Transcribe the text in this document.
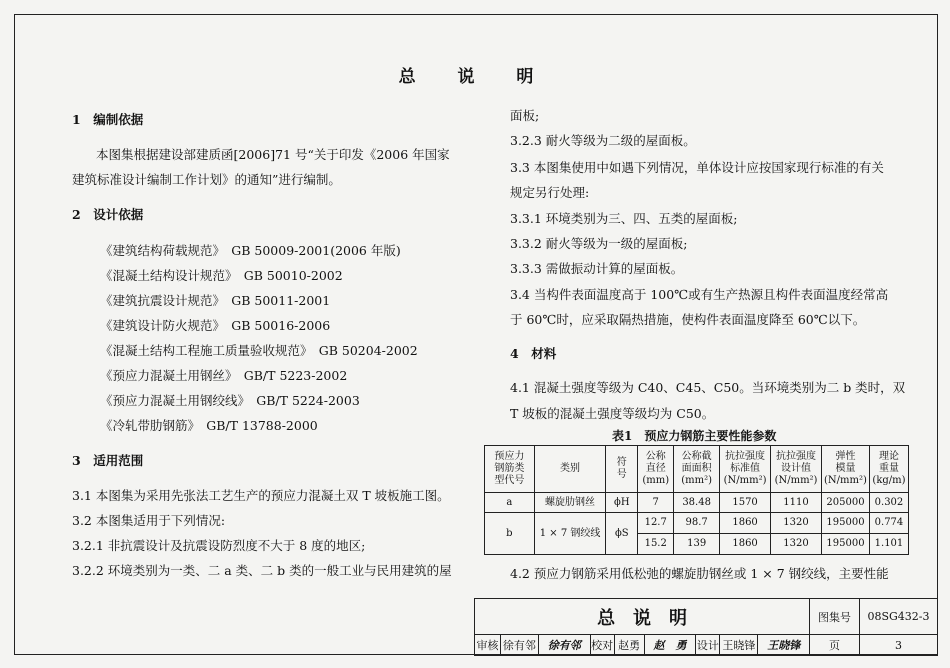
总 说 明
1　编制依据
本图集根据建设部建质函[2006]71 号“关于印发《2006 年国家
建筑标准设计编制工作计划》的通知”进行编制。
2　设计依据
《建筑结构荷载规范》　GB 50009-2001(2006 年版)
《混凝土结构设计规范》　GB 50010-2002
《建筑抗震设计规范》　GB 50011-2001
《建筑设计防火规范》　GB 50016-2006
《混凝土结构工程施工质量验收规范》　GB 50204-2002
《预应力混凝土用钢丝》　GB/T 5223-2002
《预应力混凝土用钢绞线》　GB/T 5224-2003
《冷轧带肋钢筋》　GB/T 13788-2000
3　适用范围
3.1 本图集为采用先张法工艺生产的预应力混凝土双 T 坡板施工图。
3.2 本图集适用于下列情况:
3.2.1 非抗震设计及抗震设防烈度不大于 8 度的地区;
3.2.2 环境类别为一类、二 a 类、二 b 类的一般工业与民用建筑的屋
面板;
3.2.3 耐火等级为二级的屋面板。
3.3 本图集使用中如遇下列情况，单体设计应按国家现行标准的有关
规定另行处理:
3.3.1 环境类别为三、四、五类的屋面板;
3.3.2 耐火等级为一级的屋面板;
3.3.3 需做振动计算的屋面板。
3.4 当构件表面温度高于 100℃或有生产热源且构件表面温度经常高
于 60℃时，应采取隔热措施，使构件表面温度降至 60℃以下。
4　材料
4.1 混凝土强度等级为 C40、C45、C50。当环境类别为二 b 类时，双
T 坡板的混凝土强度等级均为 C50。
表1　预应力钢筋主要性能参数
预应力
钢筋类
型代号	类别	符
号	公称
直径
(mm)	公称截
面面积
(mm²)	抗拉强度
标准值
(N/mm²)	抗拉强度
设计值
(N/mm²)	弹性
模量
(N/mm²)	理论
重量
(kg/m)
a	螺旋肋钢丝	ϕH	7	38.48	1570	1110	205000	0.302
b	1 × 7 钢绞线	ϕS	12.7	98.7	1860	1320	195000	0.774
			15.2	139	1860	1320	195000	1.101
4.2 预应力钢筋采用低松弛的螺旋肋钢丝或 1 × 7 钢绞线，主要性能
总　说　明									图集号	08SG432-3
审核	徐有邻	徐有邻	校对	赵勇	赵　勇	设计	王晓锋	王晓锋	页	3
